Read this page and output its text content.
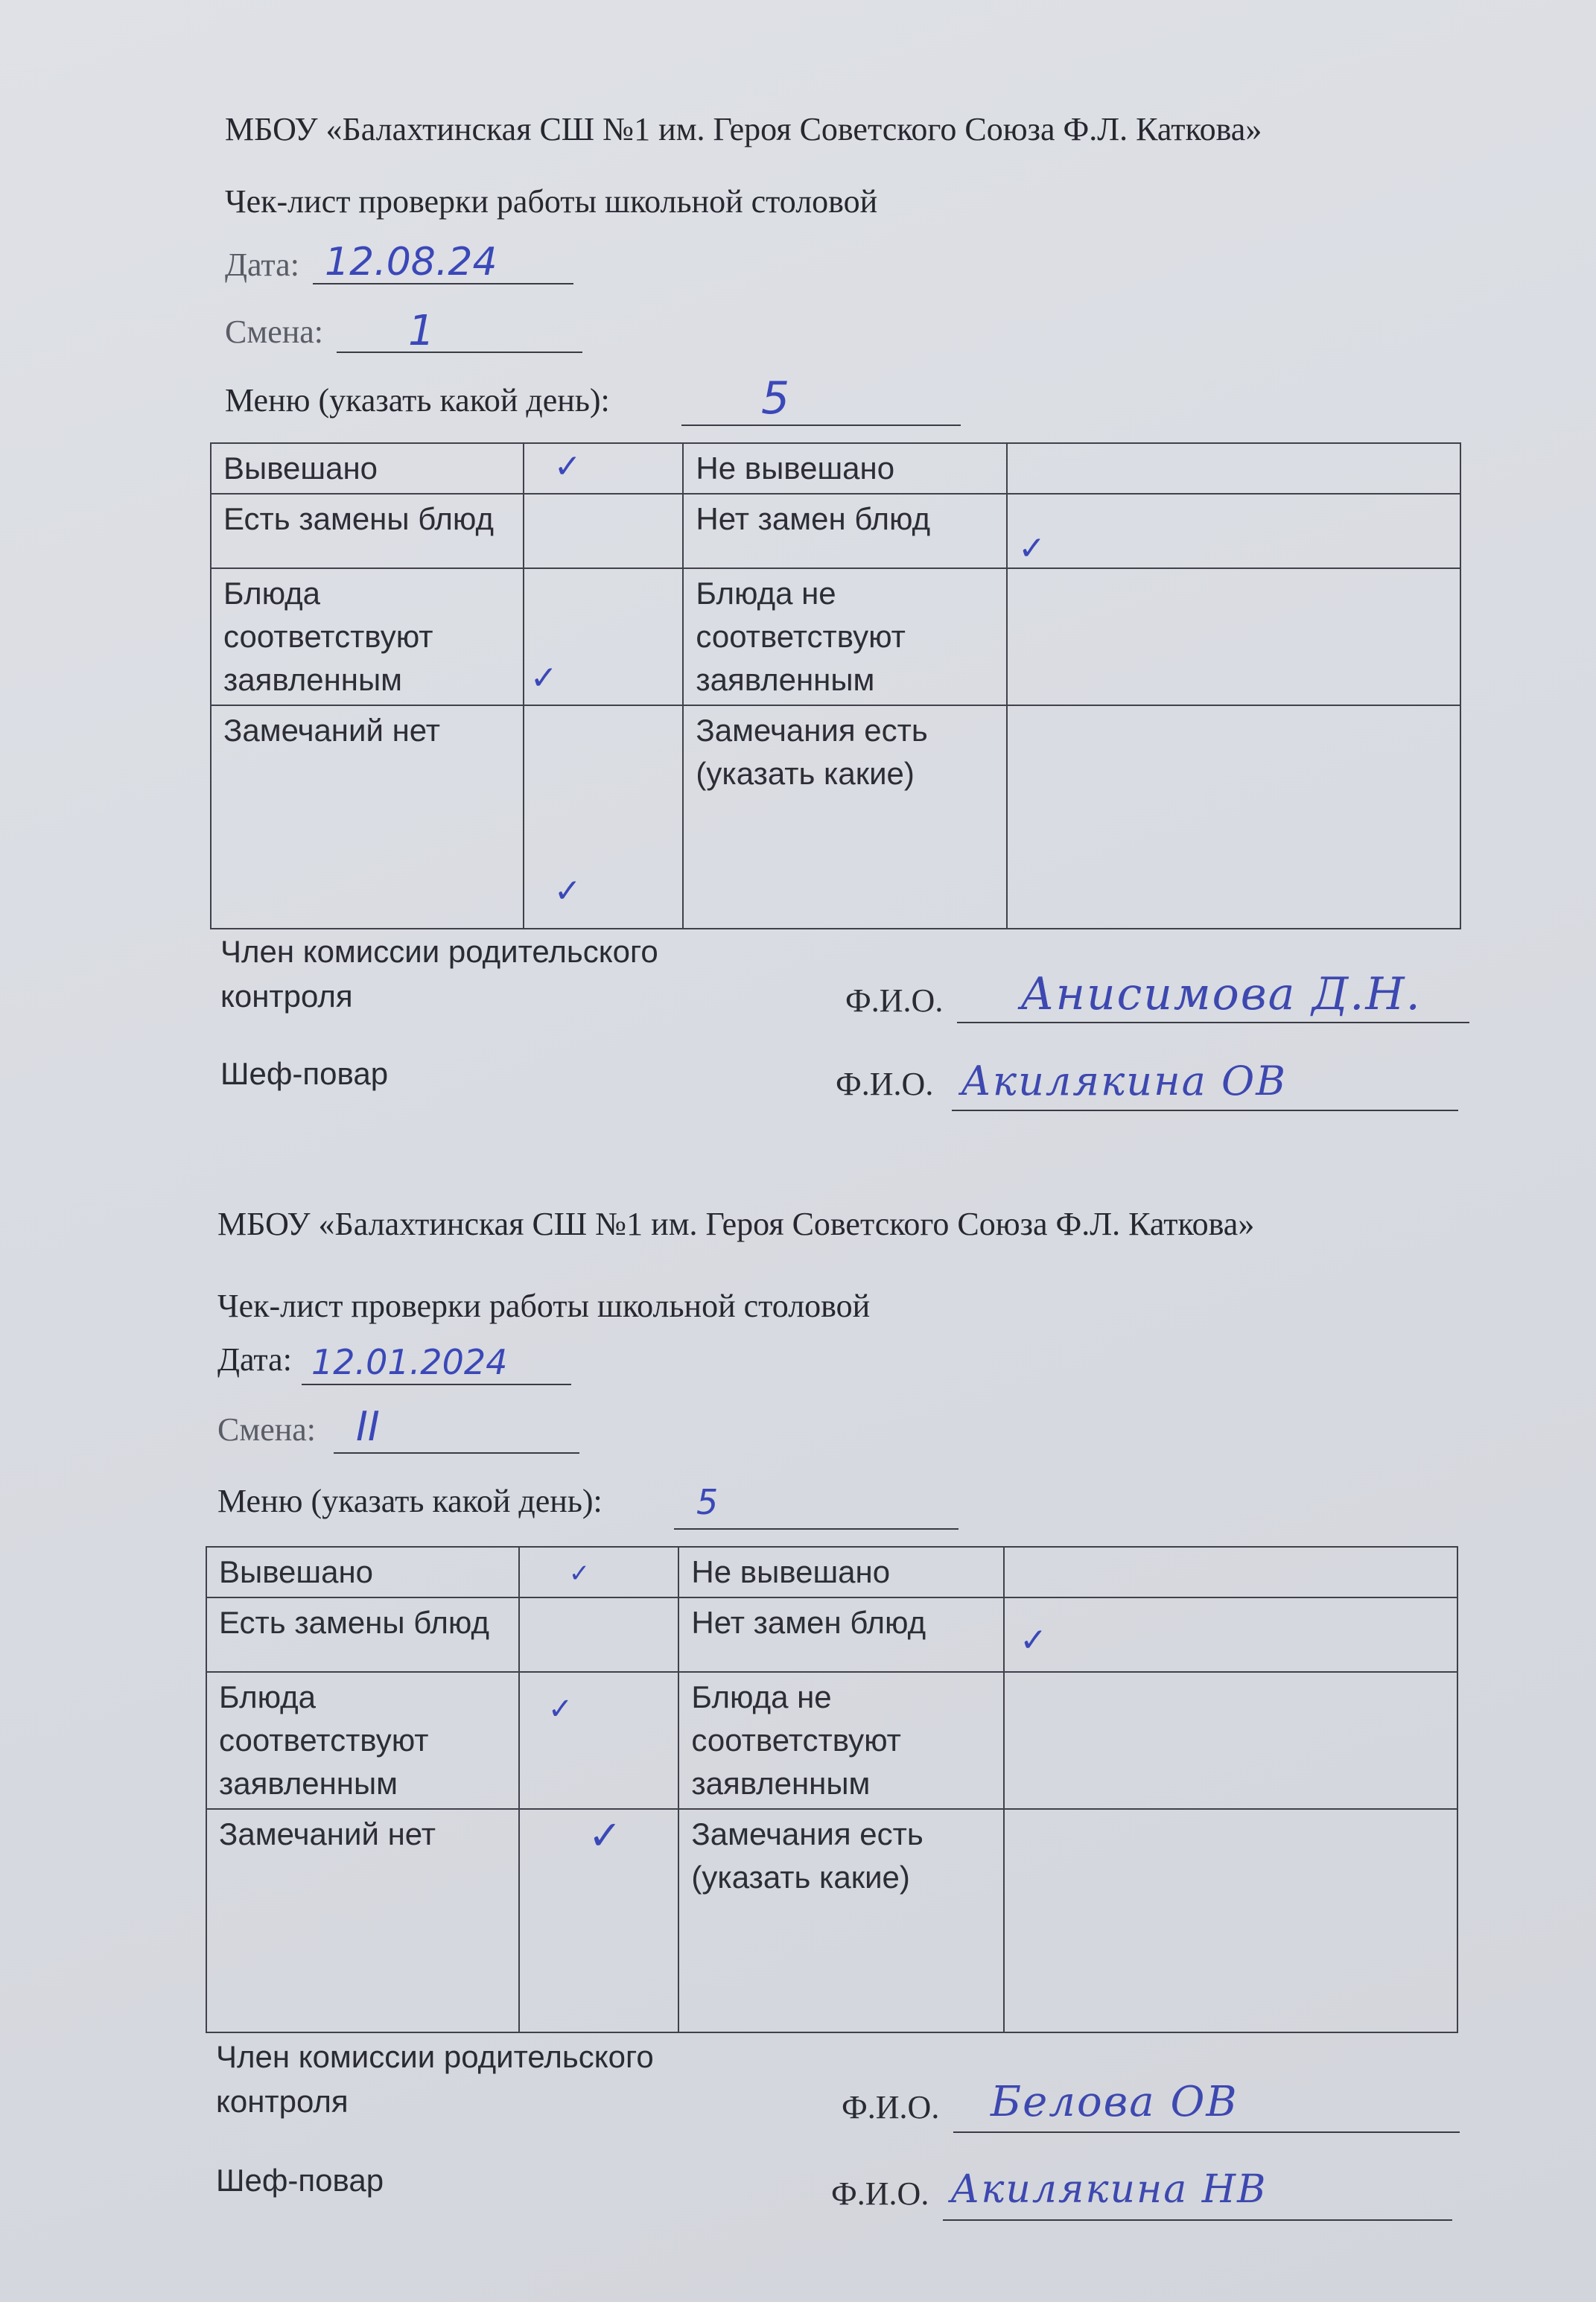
МБОУ «Балахтинская СШ №1 им. Героя Советского Союза Ф.Л. Каткова»
Чек-лист проверки работы школьной столовой
Дата: 12.08.24
Смена: 1
Меню (указать какой день):	5
Вывешано	✓	Не вывешано	
Есть замены блюд		Нет замен блюд	✓

Блюда соответствуют заявленным	✓	Блюда не соответствуют заявленным	
Замечаний нет	✓	Замечания есть (указать какие)	
Член комиссии родительского контроля	Ф.И.О. Анисимова Д.Н.
Шеф-повар	Ф.И.О. Акилякина ОВ
МБОУ «Балахтинская СШ №1 им. Героя Советского Союза Ф.Л. Каткова»
Чек-лист проверки работы школьной столовой
Дата: 12.01.2024
Смена: II
Меню (указать какой день):	5
Вывешано	✓	Не вывешано	
Есть замены блюд		Нет замен блюд	✓

Блюда соответствуют заявленным	✓	Блюда не соответствуют заявленным	
Замечаний нет	✓	Замечания есть (указать какие)	
Член комиссии родительского контроля	Ф.И.О. Белова ОВ
Шеф-повар	Ф.И.О. Акилякина НВ
